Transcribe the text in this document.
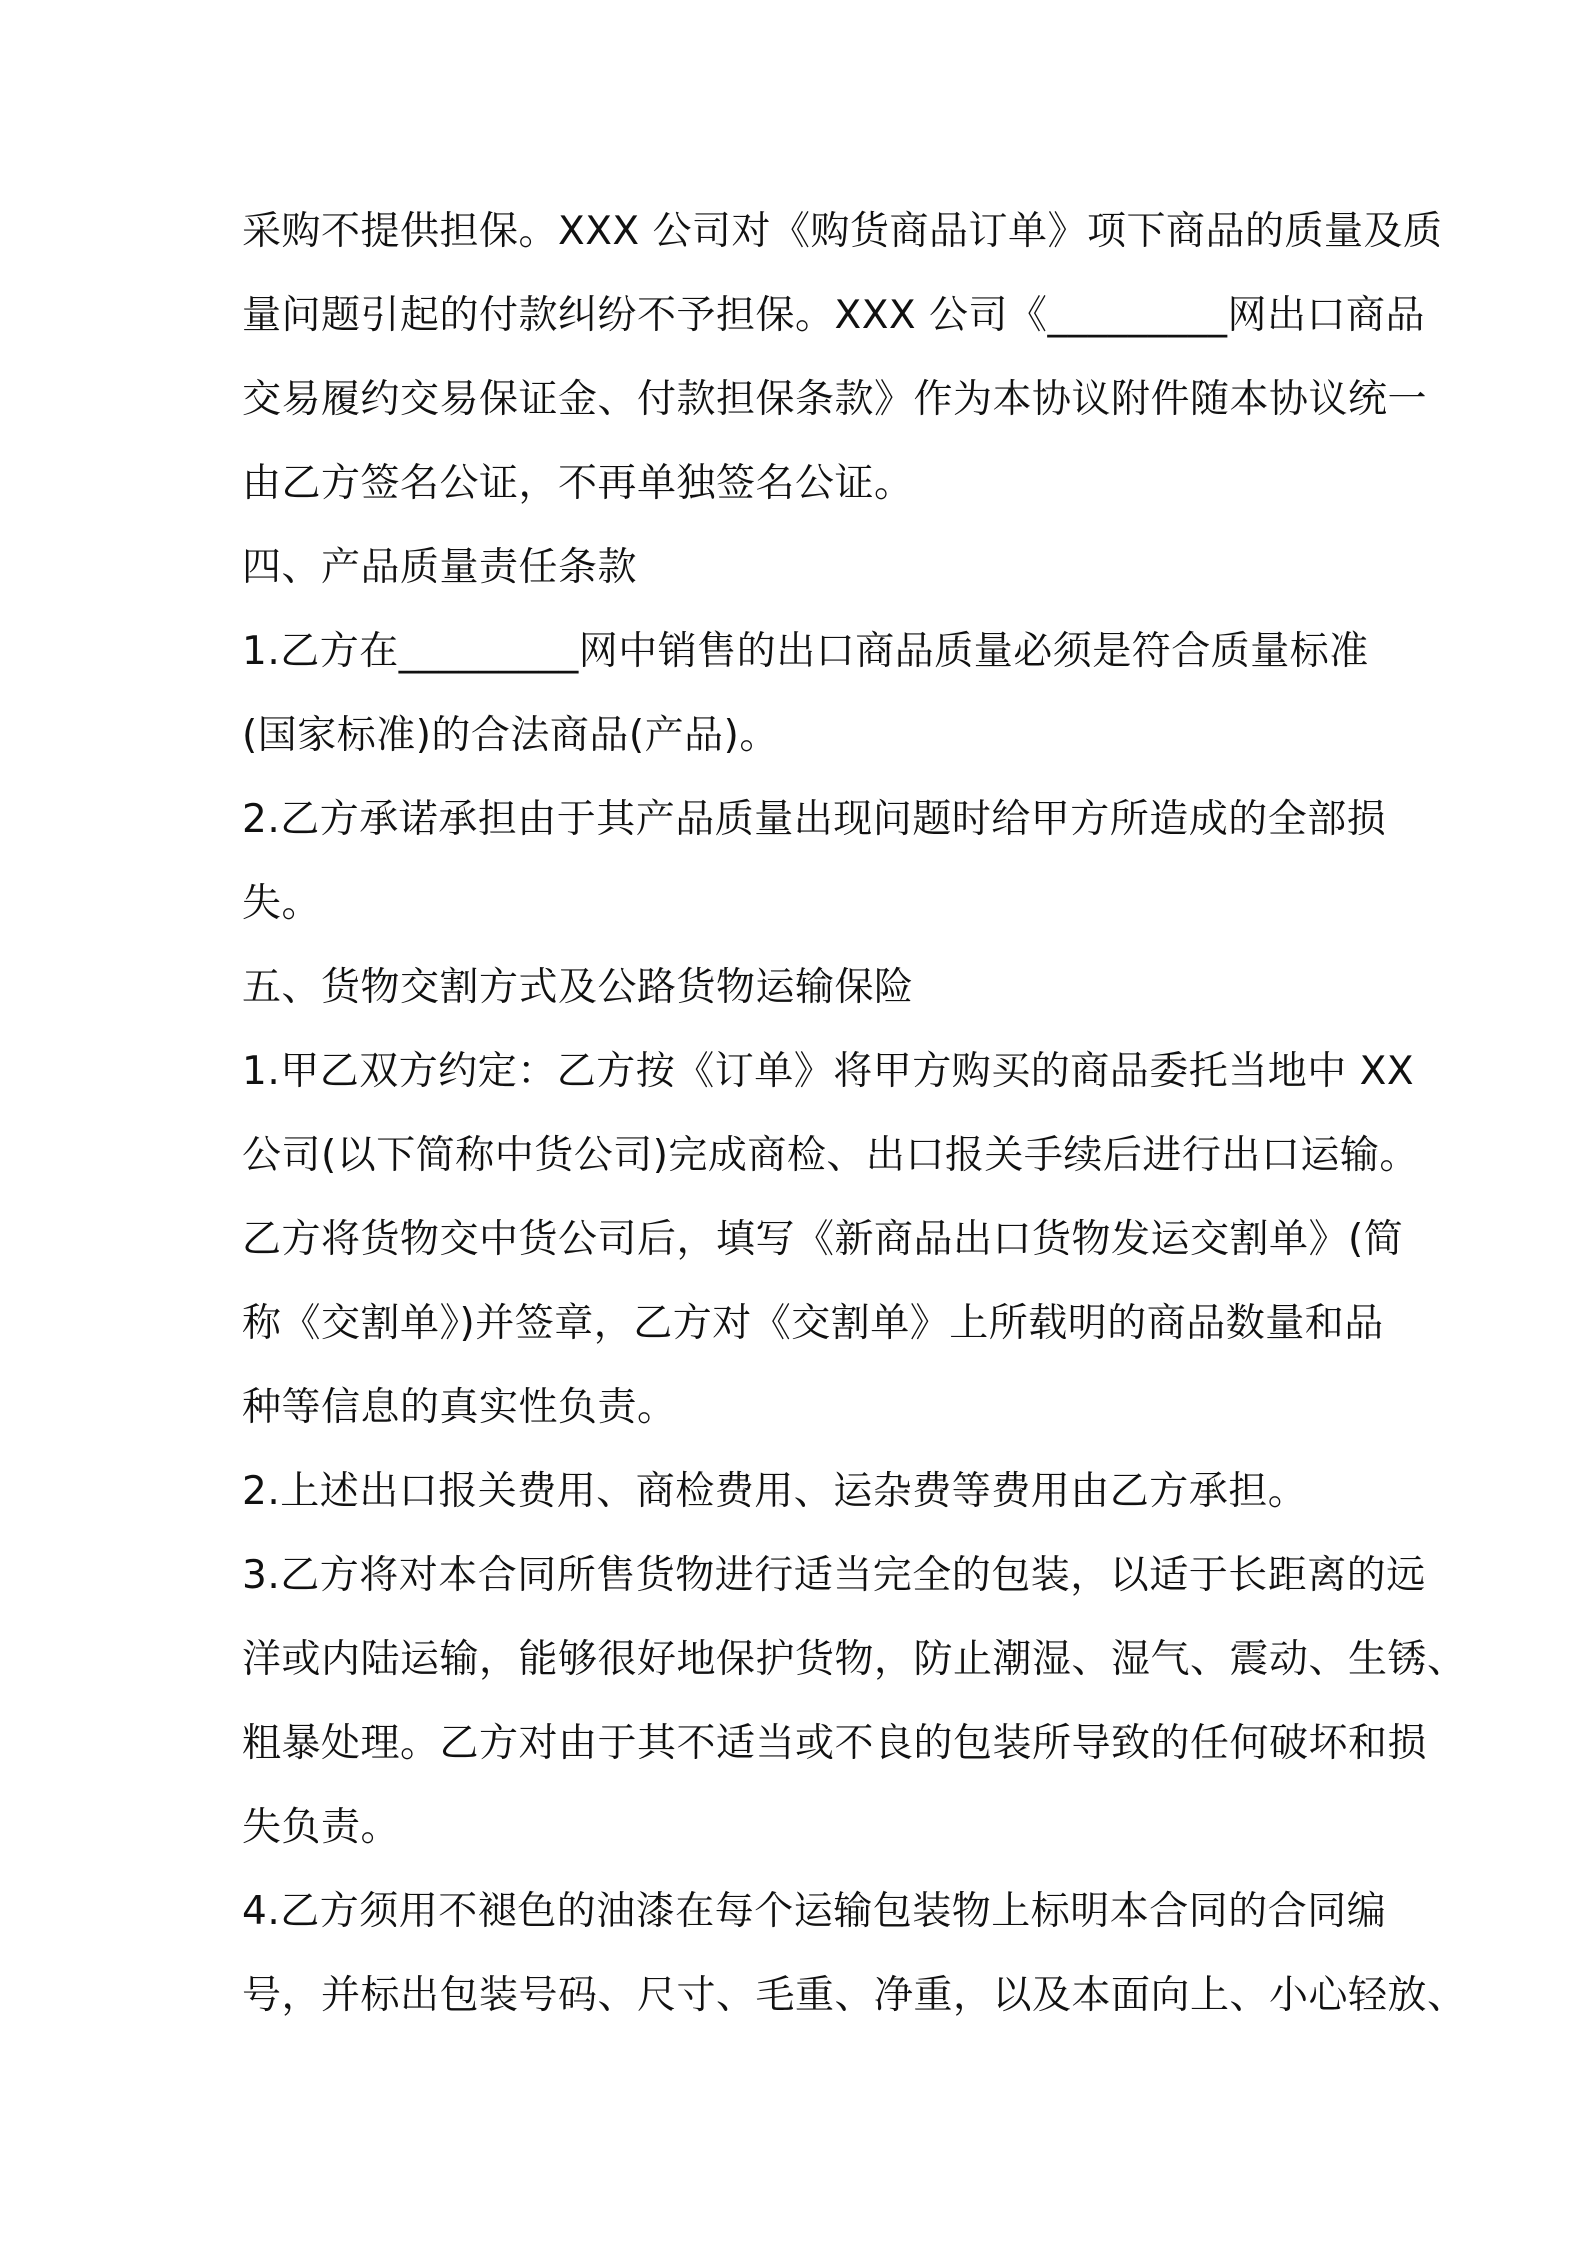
采购不提供担保。XXX 公司对《购货商品订单》项下商品的质量及质
量问题引起的付款纠纷不予担保。XXX 公司《_________网出口商品
交易履约交易保证金、付款担保条款》作为本协议附件随本协议统一
由乙方签名公证，不再单独签名公证。
四、产品质量责任条款
1.乙方在_________网中销售的出口商品质量必须是符合质量标准
(国家标准)的合法商品(产品)。
2.乙方承诺承担由于其产品质量出现问题时给甲方所造成的全部损
失。
五、货物交割方式及公路货物运输保险
1.甲乙双方约定：乙方按《订单》将甲方购买的商品委托当地中 XX
公司(以下简称中货公司)完成商检、出口报关手续后进行出口运输。
乙方将货物交中货公司后，填写《新商品出口货物发运交割单》(简
称《交割单》)并签章，乙方对《交割单》上所载明的商品数量和品
种等信息的真实性负责。
2.上述出口报关费用、商检费用、运杂费等费用由乙方承担。
3.乙方将对本合同所售货物进行适当完全的包装，以适于长距离的远
洋或内陆运输，能够很好地保护货物，防止潮湿、湿气、震动、生锈、
粗暴处理。乙方对由于其不适当或不良的包装所导致的任何破坏和损
失负责。
4.乙方须用不褪色的油漆在每个运输包装物上标明本合同的合同编
号，并标出包装号码、尺寸、毛重、净重，以及本面向上、小心轻放、
